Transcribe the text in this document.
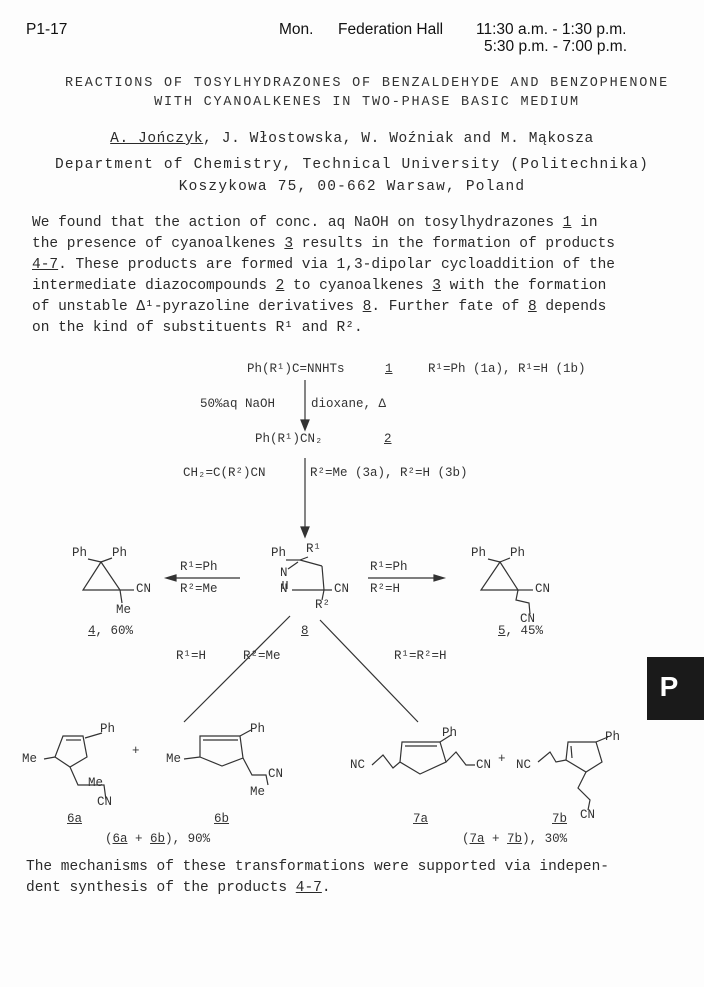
P1-17	Mon. Federation Hall 11:30 a.m. - 1:30 p.m.
5:30 p.m. - 7:00 p.m.
REACTIONS OF TOSYLHYDRAZONES OF BENZALDEHYDE AND BENZOPHENONE
WITH CYANOALKENES IN TWO-PHASE BASIC MEDIUM
A. Jończyk, J. Włostowska, W. Woźniak and M. Mąkosza
Department of Chemistry, Technical University (Politechnika)
Koszykowa 75, 00-662 Warsaw, Poland
We found that the action of conc. aq NaOH on tosylhydrazones 1 in
the presence of cyanoalkenes 3 results in the formation of products
4-7. These products are formed via 1,3-dipolar cycloaddition of the
intermediate diazocompounds 2 to cyanoalkenes 3 with the formation
of unstable Δ¹-pyrazoline derivatives 8. Further fate of 8 depends
on the kind of substituents R¹ and R².
Ph(R¹)C=NNHTs	1	R¹=Ph (1a), R¹=H (1b)
50%aq NaOH	dioxane, Δ
Ph(R¹)CN₂	2
CH₂=C(R²)CN	R²=Me (3a), R²=H (3b)
Ph Ph
CN
Me
4, 60%
R¹=Ph
R²=Me
Ph R¹
N
N	CN
R²
8
R¹=Ph
R²=H
Ph Ph
CN
CN
5, 45%
R¹=H	R²=Me	R¹=R²=H
Ph
Me
Me
CN
+
Ph
Me
CN
Me
6a	6b
(6a + 6b), 90%
Ph
NC	CN + NC
Ph
CN
7a	7b
(7a + 7b), 30%
The mechanisms of these transformations were supported via indepen-
dent synthesis of the products 4-7.
P
